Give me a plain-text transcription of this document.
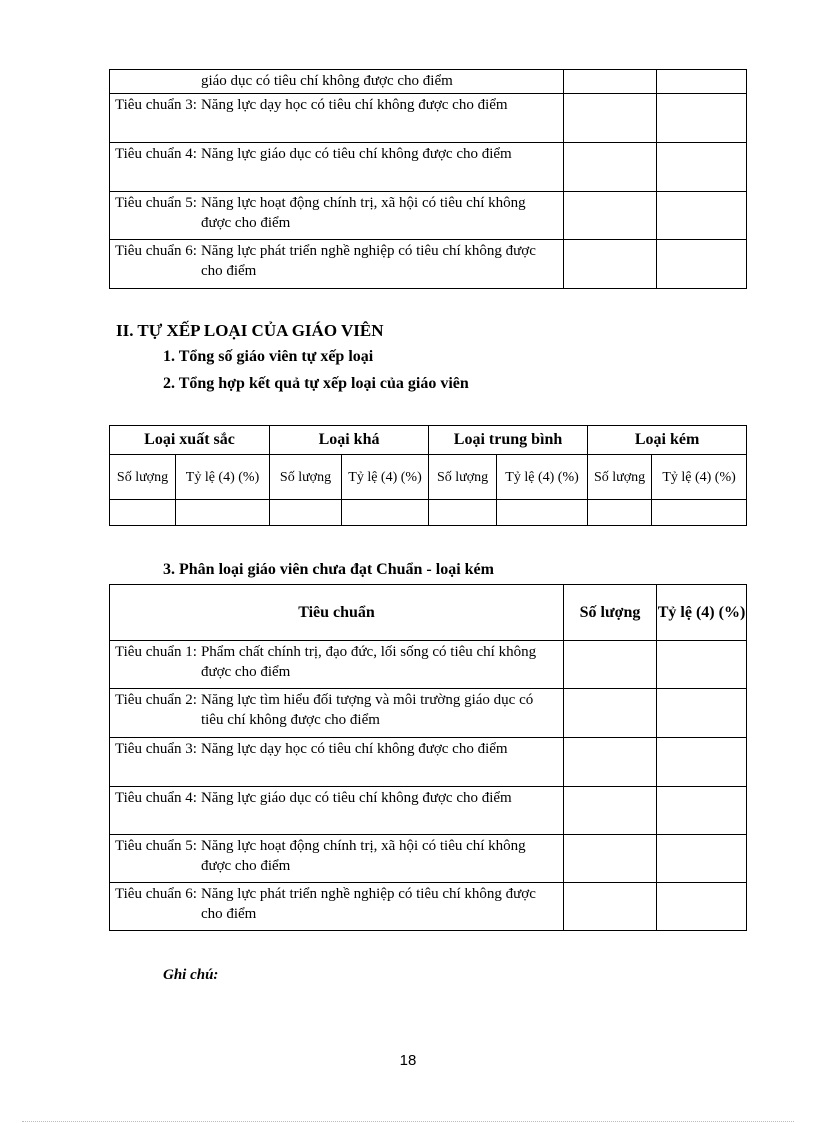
giáo dục có tiêu chí không được cho điểm		

Tiêu chuẩn 3: Năng lực dạy học có tiêu chí không được cho điểm		

Tiêu chuẩn 4: Năng lực giáo dục có tiêu chí không được cho điểm		

Tiêu chuẩn 5: Năng lực hoạt động chính trị, xã hội có tiêu chí không được cho điểm		

Tiêu chuẩn 6: Năng lực phát triển nghề nghiệp có tiêu chí không được cho điểm		

II. TỰ XẾP LOẠI CỦA GIÁO VIÊN
1. Tổng số giáo viên tự xếp loại
2. Tổng hợp kết quả tự xếp loại của giáo viên
Loại xuất sắc		Loại khá		Loại trung bình		Loại kém	
Số lượng	Tỷ lệ (4) (%)	Số lượng	Tỷ lệ (4) (%)	Số lượng	Tỷ lệ (4) (%)	Số lượng	Tỷ lệ (4) (%)

3. Phân loại giáo viên chưa đạt Chuẩn - loại kém
Tiêu chuẩn	Số lượng	Tỷ lệ (4) (%)

Tiêu chuẩn 1: Phẩm chất chính trị, đạo đức, lối sống có tiêu chí không được cho điểm		

Tiêu chuẩn 2: Năng lực tìm hiểu đối tượng và môi trường giáo dục có tiêu chí không được cho điểm		

Tiêu chuẩn 3: Năng lực dạy học có tiêu chí không được cho điểm		

Tiêu chuẩn 4: Năng lực giáo dục có tiêu chí không được cho điểm		

Tiêu chuẩn 5: Năng lực hoạt động chính trị, xã hội có tiêu chí không được cho điểm		

Tiêu chuẩn 6: Năng lực phát triển nghề nghiệp có tiêu chí không được cho điểm		

Ghi chú:
18
